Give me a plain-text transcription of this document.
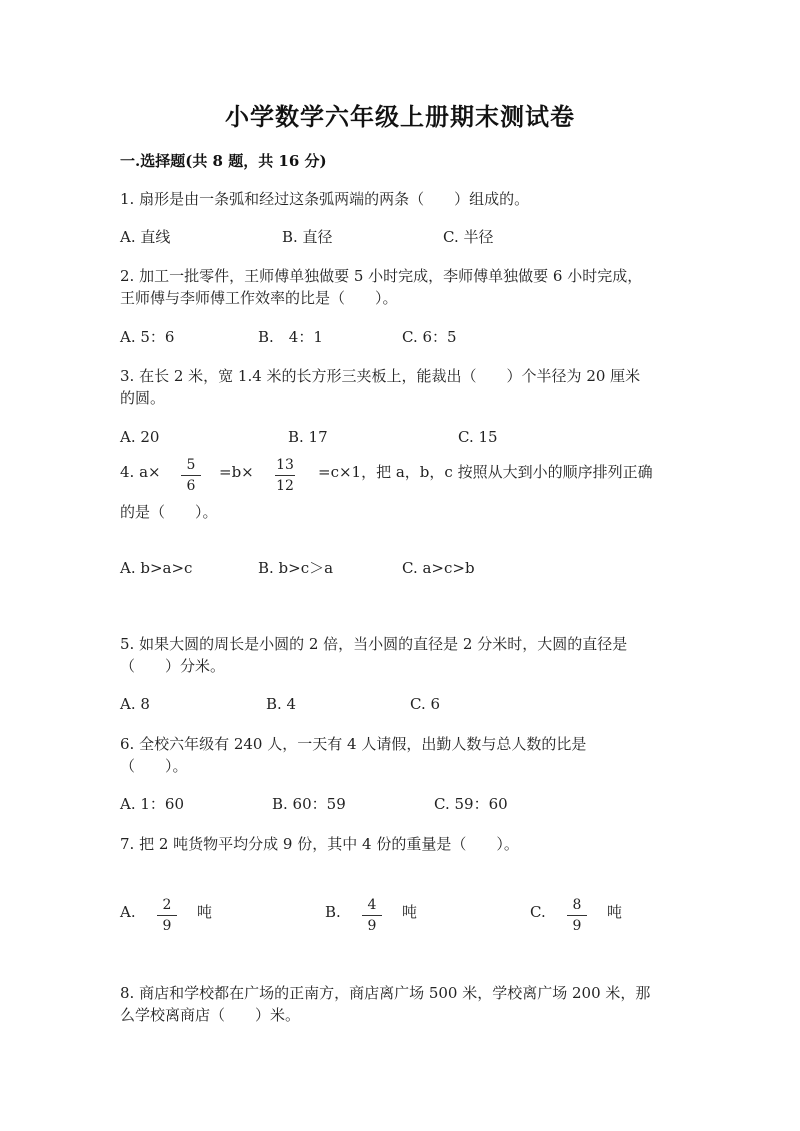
小学数学六年级上册期末测试卷
一.选择题(共 8 题，共 16 分)
1. 扇形是由一条弧和经过这条弧两端的两条（　　）组成的。
A. 直线	B. 直径	C. 半径
2. 加工一批零件，王师傅单独做要 5 小时完成，李师傅单独做要 6 小时完成，
王师傅与李师傅工作效率的比是（　　）。
A. 5：6	B.　4：1	C. 6：5
3. 在长 2 米，宽 1.4 米的长方形三夹板上，能裁出（　　）个半径为 20 厘米
的圆。
A. 20	B. 17	C. 15
4. a×	5
6
=b× 13
12
=c×1，把 a，b，c 按照从大到小的顺序排列正确
的是（　　）。
A. b>a>c	B. b>c＞a	C. a>c>b
5. 如果大圆的周长是小圆的 2 倍，当小圆的直径是 2 分米时，大圆的直径是
（　　）分米。
A. 8	B. 4	C. 6
6. 全校六年级有 240 人，一天有 4 人请假，出勤人数与总人数的比是
（　　）。
A. 1：60	B. 60：59	C. 59：60
7. 把 2 吨货物平均分成 9 份，其中 4 份的重量是（　　）。
A.	2
9
吨	B.	4
9
吨	C.	8
9
吨
8. 商店和学校都在广场的正南方，商店离广场 500 米，学校离广场 200 米，那
么学校离商店（　　）米。
